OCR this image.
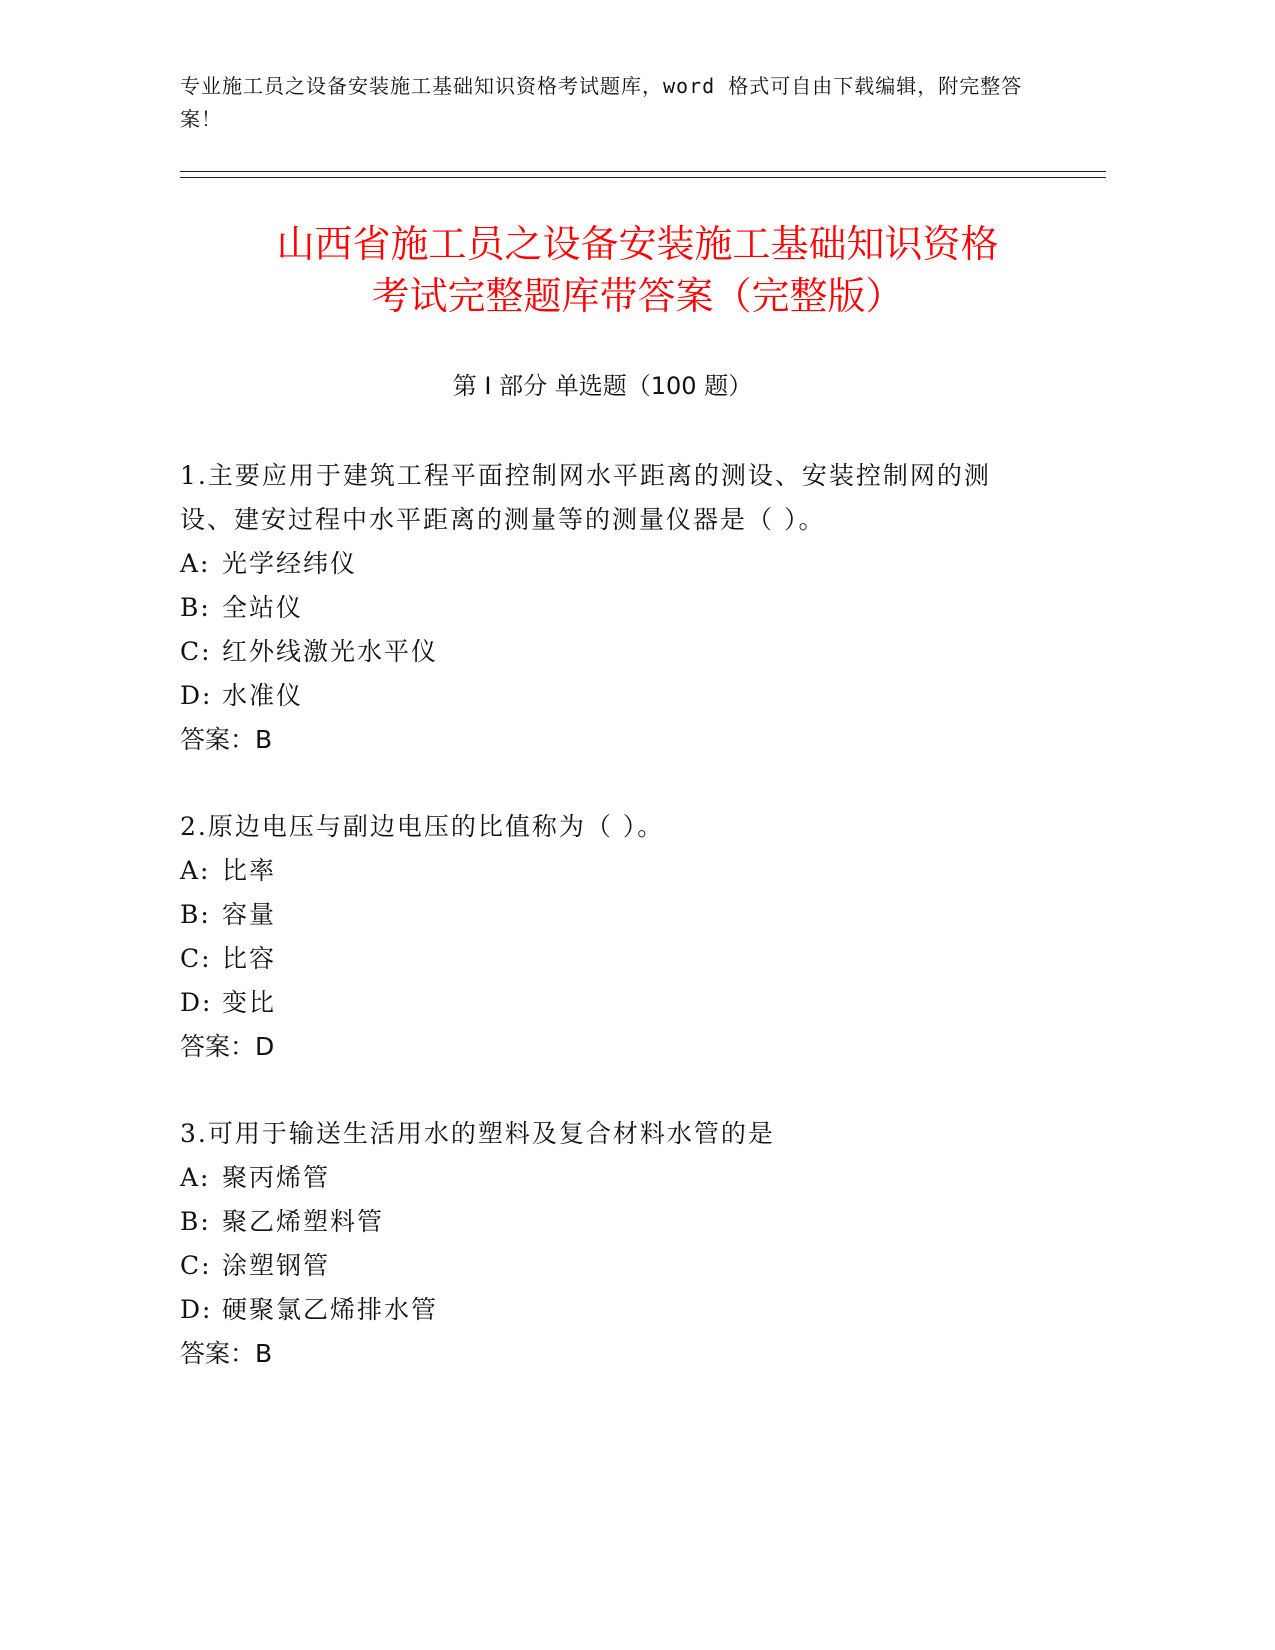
专业施工员之设备安装施工基础知识资格考试题库，word 格式可自由下载编辑，附完整答案！
山西省施工员之设备安装施工基础知识资格
考试完整题库带答案（完整版）
第 I 部分 单选题（100 题）
1.主要应用于建筑工程平面控制网水平距离的测设、安装控制网的测设、建安过程中水平距离的测量等的测量仪器是（ ）。
A: 光学经纬仪
B: 全站仪
C: 红外线激光水平仪
D: 水准仪
答案：B
2.原边电压与副边电压的比值称为（ ）。
A: 比率
B: 容量
C: 比容
D: 变比
答案：D
3.可用于输送生活用水的塑料及复合材料水管的是
A: 聚丙烯管
B: 聚乙烯塑料管
C: 涂塑钢管
D: 硬聚氯乙烯排水管
答案：B
